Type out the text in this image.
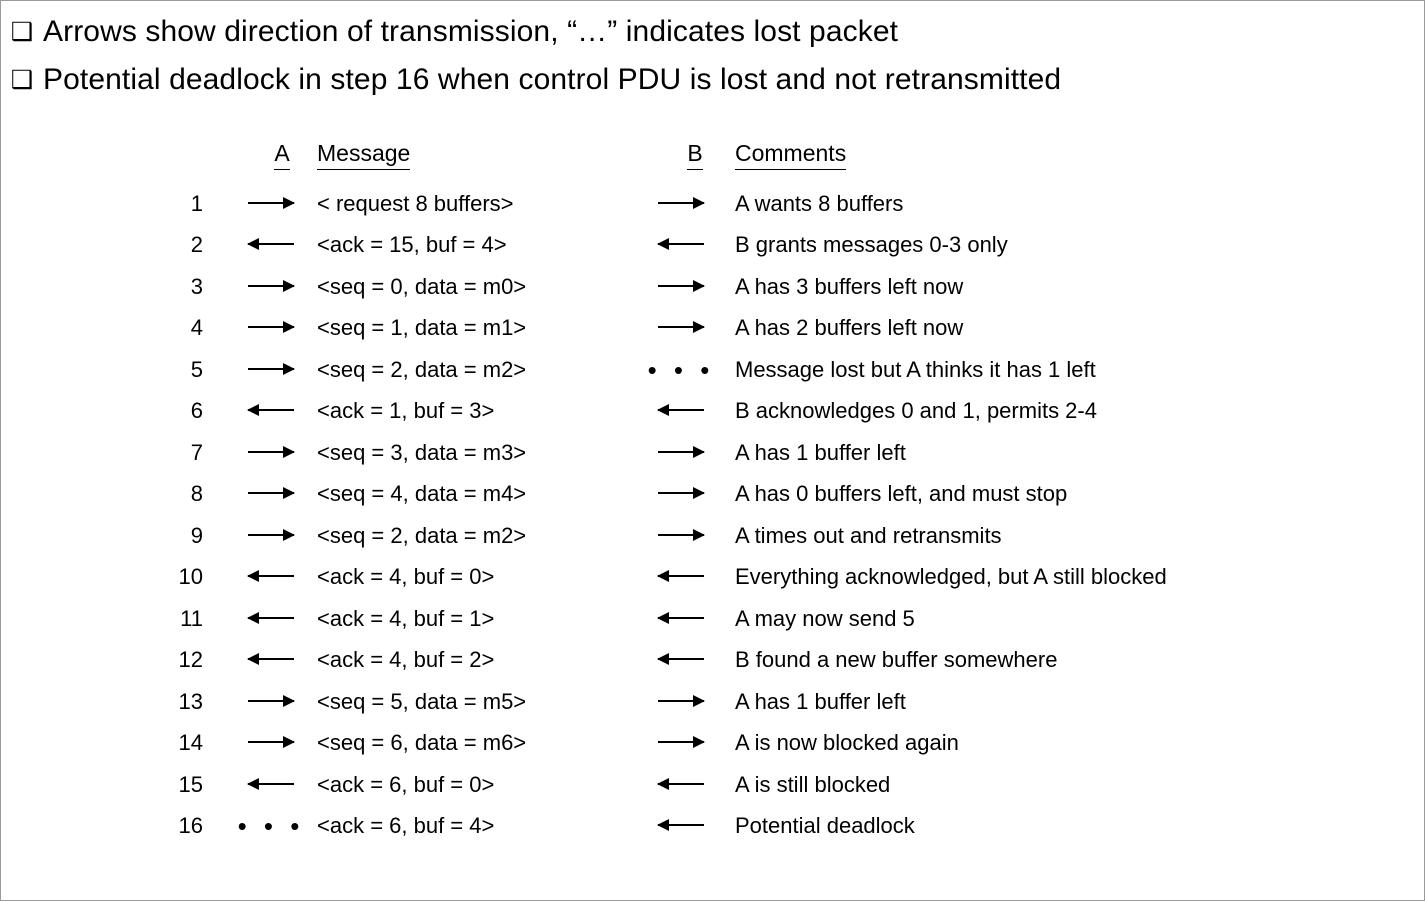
❑ Arrows show direction of transmission, “…” indicates lost packet
❑ Potential deadlock in step 16 when control PDU is lost and not retransmitted
	A	Message	B	Comments
1		< request 8 buffers>		A wants 8 buffers
2		<ack = 15, buf = 4>		B grants messages 0-3 only
3		<seq = 0, data = m0>		A has 3 buffers left now
4		<seq = 1, data = m1>		A has 2 buffers left now
5		<seq = 2, data = m2>	• • •	Message lost but A thinks it has 1 left
6		<ack = 1, buf = 3>		B acknowledges 0 and 1, permits 2-4
7		<seq = 3, data = m3>		A has 1 buffer left
8		<seq = 4, data = m4>		A has 0 buffers left, and must stop
9		<seq = 2, data = m2>		A times out and retransmits
10		<ack = 4, buf = 0>		Everything acknowledged, but A still blocked
11		<ack = 4, buf = 1>		A may now send 5
12		<ack = 4, buf = 2>		B found a new buffer somewhere
13		<seq = 5, data = m5>		A has 1 buffer left
14		<seq = 6, data = m6>		A is now blocked again
15		<ack = 6, buf = 0>		A is still blocked
16	• • •	<ack = 6, buf = 4>		Potential deadlock
